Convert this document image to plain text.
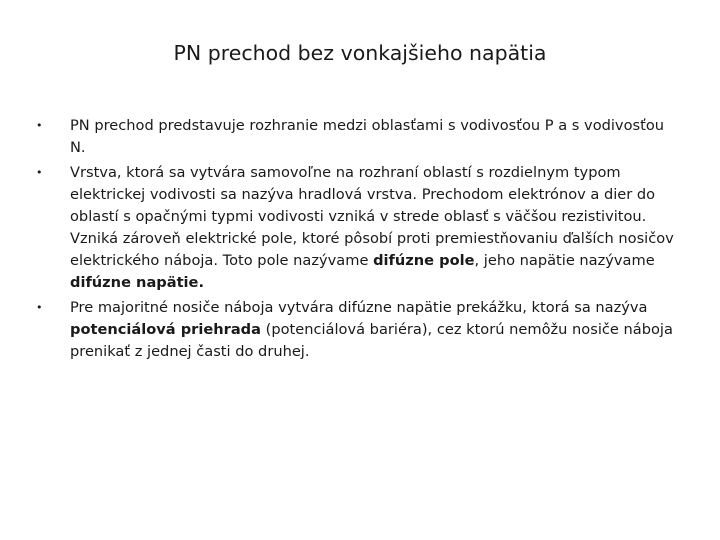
PN prechod bez vonkajšieho napätia
• PN prechod predstavuje rozhranie medzi oblasťami s vodivosťou P a s vodivosťou N.
• Vrstva, ktorá sa vytvára samovoľne na rozhraní oblastí s rozdielnym typom elektrickej vodivosti sa nazýva hradlová vrstva. Prechodom elektrónov a dier do oblastí s opačnými typmi vodivosti vzniká v strede oblasť s väčšou rezistivitou. Vzniká zároveň elektrické pole, ktoré pôsobí proti premiestňovaniu ďalších nosičov elektrického náboja. Toto pole nazývame difúzne pole, jeho napätie nazývame difúzne napätie.
• Pre majoritné nosiče náboja vytvára difúzne napätie prekážku, ktorá sa nazýva potenciálová priehrada (potenciálová bariéra), cez ktorú nemôžu nosiče náboja prenikať z jednej časti do druhej.
